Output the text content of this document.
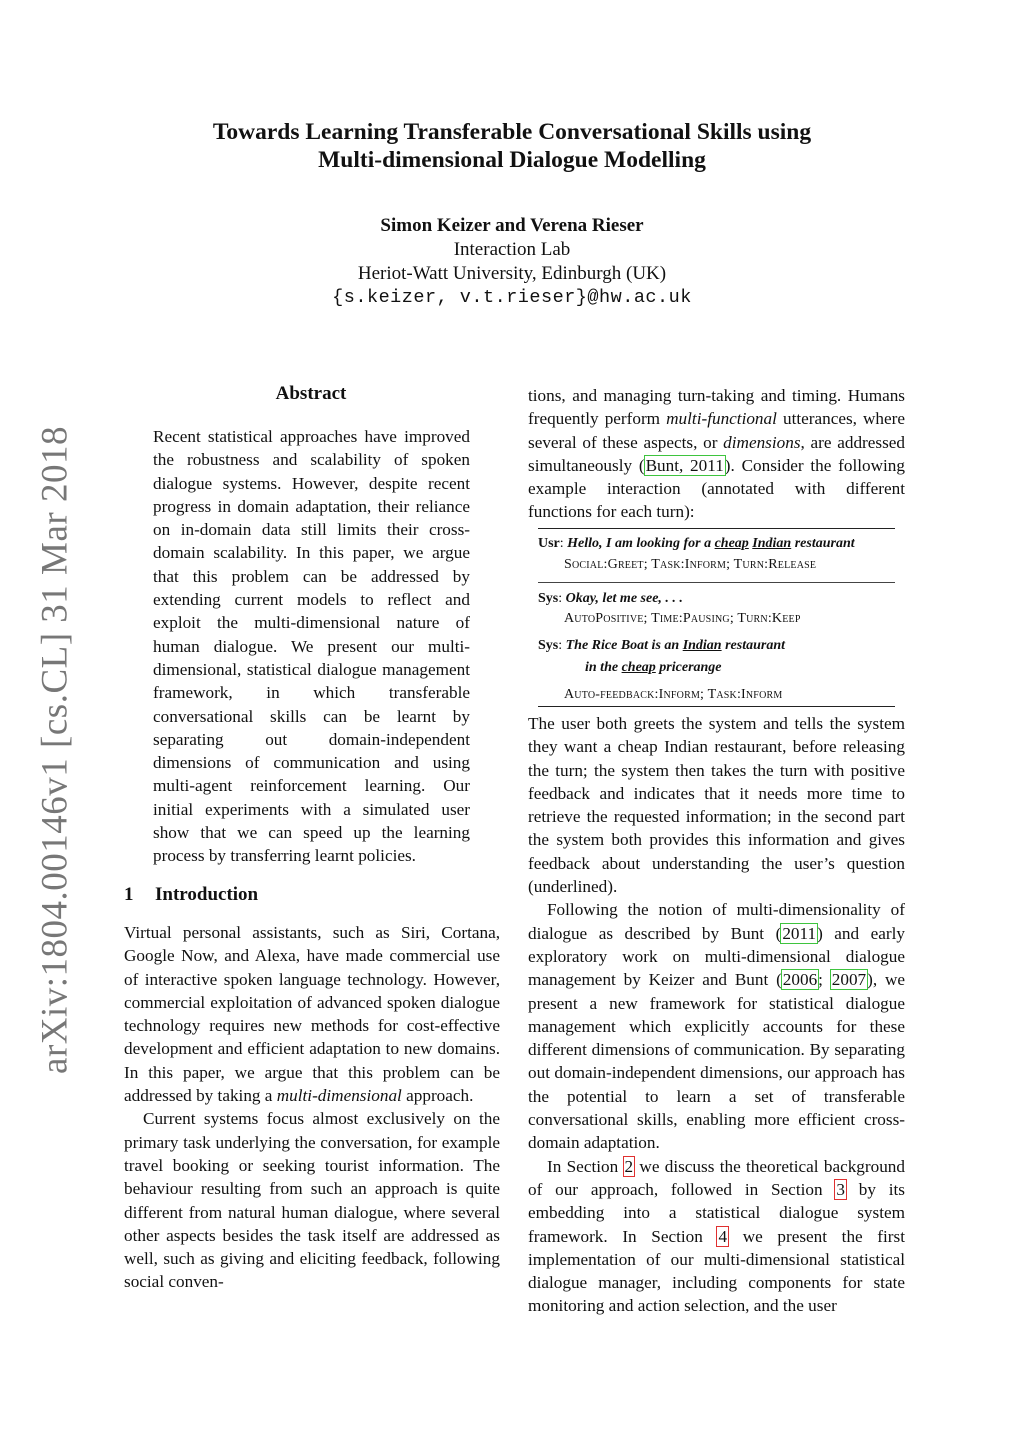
arXiv:1804.00146v1 [cs.CL] 31 Mar 2018
Towards Learning Transferable Conversational Skills using
Multi-dimensional Dialogue Modelling
Simon Keizer and Verena Rieser
Interaction Lab
Heriot-Watt University, Edinburgh (UK)
{s.keizer, v.t.rieser}@hw.ac.uk
Abstract

Recent statistical approaches have improved the robustness and scalability of spoken dialogue systems. However, despite recent progress in domain adaptation, their reliance on in-domain data still limits their cross-domain scalability. In this paper, we argue that this problem can be addressed by extending current models to reflect and exploit the multi-dimensional nature of human dialogue. We present our multi-dimensional, statistical dialogue management framework, in which transferable conversational skills can be learnt by separating out domain-independent dimensions of communication and using multi-agent reinforcement learning. Our initial experiments with a simulated user show that we can speed up the learning process by transferring learnt policies.

1 Introduction

Virtual personal assistants, such as Siri, Cortana, Google Now, and Alexa, have made commercial use of interactive spoken language technology. However, commercial exploitation of advanced spoken dialogue technology requires new methods for cost-effective development and efficient adaptation to new domains. In this paper, we argue that this problem can be addressed by taking a multi-dimensional approach.

Current systems focus almost exclusively on the primary task underlying the conversation, for example travel booking or seeking tourist information. The behaviour resulting from such an approach is quite different from natural human dialogue, where several other aspects besides the task itself are addressed as well, such as giving and eliciting feedback, following social conven-

tions, and managing turn-taking and timing. Humans frequently perform multi-functional utterances, where several of these aspects, or dimensions, are addressed simultaneously (Bunt, 2011). Consider the following example interaction (annotated with different functions for each turn):

Usr: Hello, I am looking for a cheap Indian restaurant
Social:Greet; Task:Inform; Turn:Release
Sys: Okay, let me see, . . .
AutoPositive; Time:Pausing; Turn:Keep
Sys: The Rice Boat is an Indian restaurant
in the cheap pricerange
Auto-feedback:Inform; Task:Inform

The user both greets the system and tells the system they want a cheap Indian restaurant, before releasing the turn; the system then takes the turn with positive feedback and indicates that it needs more time to retrieve the requested information; in the second part the system both provides this information and gives feedback about understanding the user’s question (underlined).

Following the notion of multi-dimensionality of dialogue as described by Bunt (2011) and early exploratory work on multi-dimensional dialogue management by Keizer and Bunt (2006; 2007), we present a new framework for statistical dialogue management which explicitly accounts for these different dimensions of communication. By separating out domain-independent dimensions, our approach has the potential to learn a set of transferable conversational skills, enabling more efficient cross-domain adaptation.

In Section 2 we discuss the theoretical background of our approach, followed in Section 3 by its embedding into a statistical dialogue system framework. In Section 4 we present the first implementation of our multi-dimensional statistical dialogue manager, including components for state monitoring and action selection, and the user
